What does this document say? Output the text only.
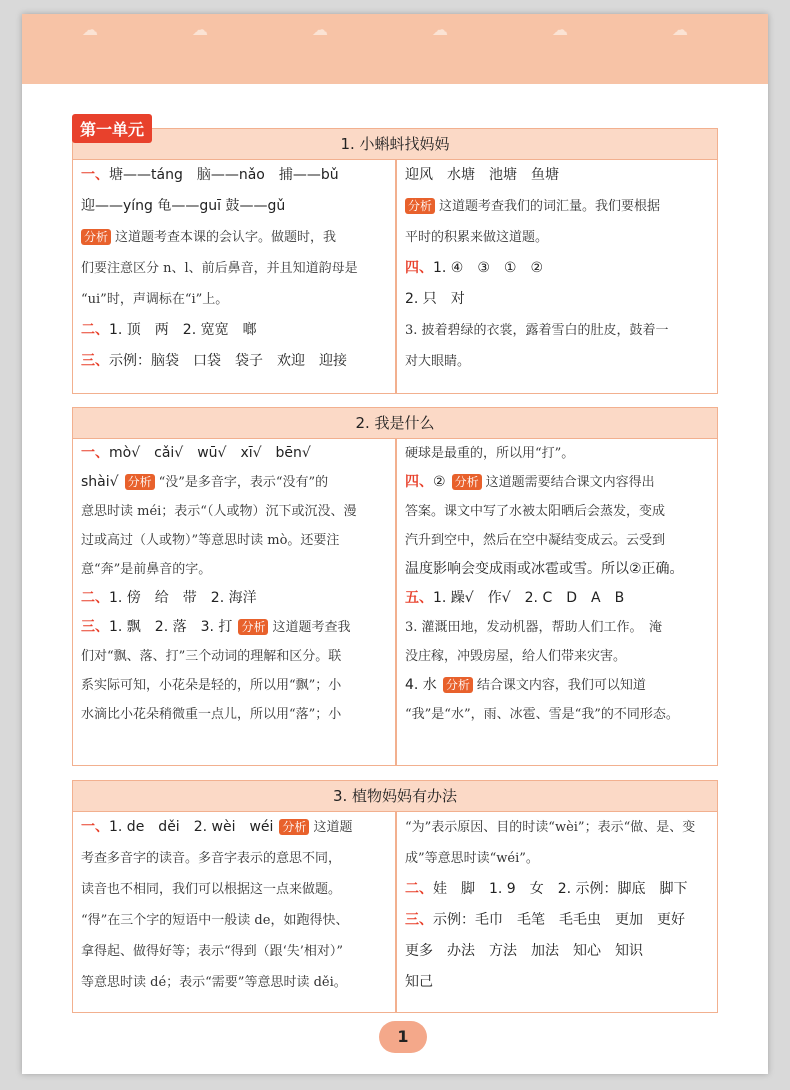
☁	☁	☁	☁	☁	☁
第一单元
1. 小蝌蚪找妈妈
一、塘——táng　脑——nǎo　捕——bǔ
迎——yíng 龟——guī 鼓——gǔ
分析 这道题考查本课的会认字。做题时，我
们要注意区分 n、l、前后鼻音，并且知道韵母是
“ui”时，声调标在“i”上。
二、1. 顶　两　2. 宽宽　啷
三、示例：脑袋　口袋　袋子　欢迎　迎接
迎风　水塘　池塘　鱼塘
分析 这道题考查我们的词汇量。我们要根据
平时的积累来做这道题。
四、1. ④　③　①　②
2. 只　对
3. 披着碧绿的衣裳，露着雪白的肚皮，鼓着一
对大眼睛。
2. 我是什么
一、mò√　cǎi√　wū√　xī√　bēn√
shài√ 分析 “没”是多音字，表示“没有”的
意思时读 méi；表示“（人或物）沉下或沉没、漫
过或高过（人或物）”等意思时读 mò。还要注
意“奔”是前鼻音的字。
二、1. 傍　给　带　2. 海洋
三、1. 飘　2. 落　3. 打 分析 这道题考查我
们对“飘、落、打”三个动词的理解和区分。联
系实际可知，小花朵是轻的，所以用“飘”；小
水滴比小花朵稍微重一点儿，所以用“落”；小
硬球是最重的，所以用“打”。
四、② 分析 这道题需要结合课文内容得出
答案。课文中写了水被太阳晒后会蒸发，变成
汽升到空中，然后在空中凝结变成云。云受到
温度影响会变成雨或冰雹或雪。所以②正确。
五、1. 躁√　作√　2. C　D　A　B
3. 灌溉田地，发动机器，帮助人们工作。　淹
没庄稼，冲毁房屋，给人们带来灾害。
4. 水 分析 结合课文内容，我们可以知道
“我”是“水”，雨、冰雹、雪是“我”的不同形态。
3. 植物妈妈有办法
一、1. de　děi　2. wèi　wéi 分析 这道题
考查多音字的读音。多音字表示的意思不同，
读音也不相同，我们可以根据这一点来做题。
“得”在三个字的短语中一般读 de，如跑得快、
拿得起、做得好等；表示“得到（跟‘失’相对）”
等意思时读 dé；表示“需要”等意思时读 děi。
“为”表示原因、目的时读“wèi”；表示“做、是、变
成”等意思时读“wéi”。
二、娃　脚　1. 9　女　2. 示例：脚底　脚下
三、示例：毛巾　毛笔　毛毛虫　更加　更好
更多　办法　方法　加法　知心　知识
知己
1
